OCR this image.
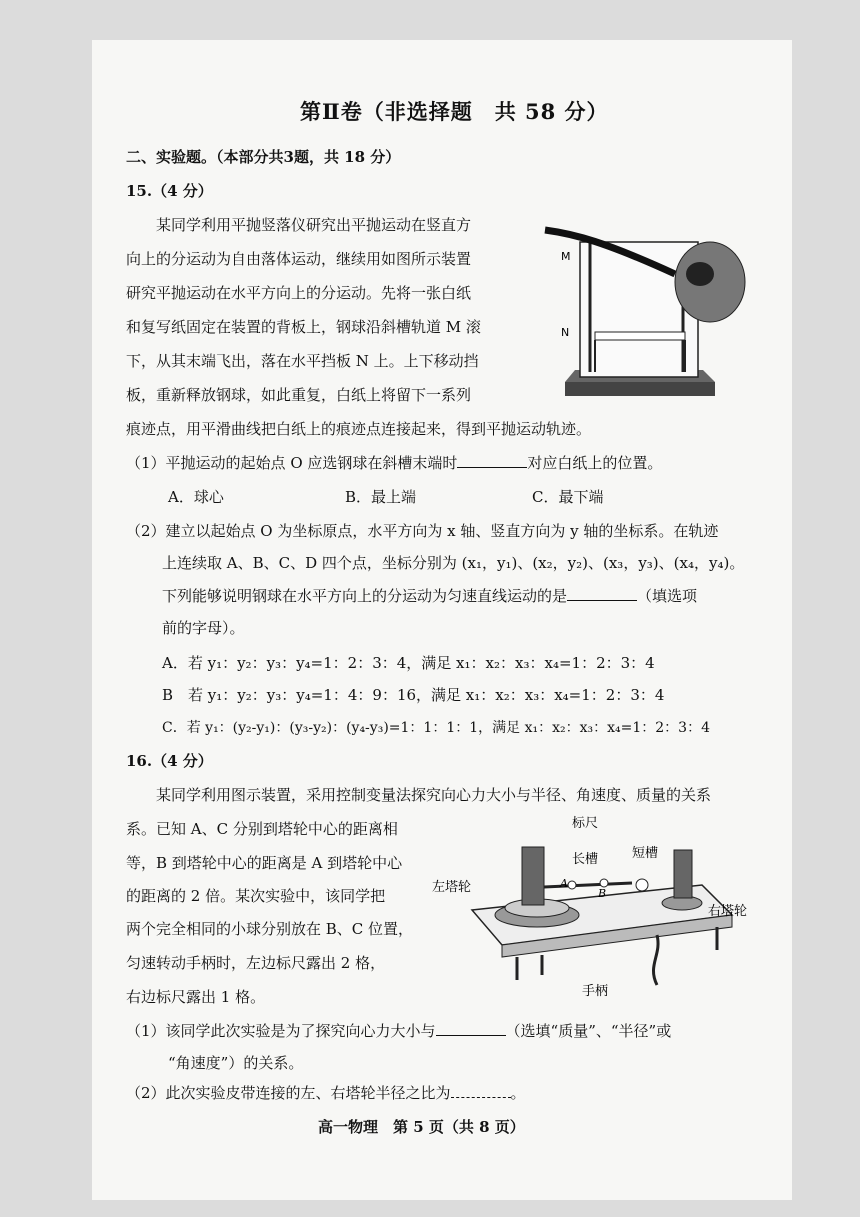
第Ⅱ卷（非选择题　共 58 分）
二、实验题。（本部分共3题，共 18 分）
15.（4 分）
某同学利用平抛竖落仪研究出平抛运动在竖直方
向上的分运动为自由落体运动，继续用如图所示装置
研究平抛运动在水平方向上的分运动。先将一张白纸
和复写纸固定在装置的背板上，钢球沿斜槽轨道 M 滚
下，从其末端飞出，落在水平挡板 N 上。上下移动挡
板，重新释放钢球，如此重复，白纸上将留下一系列
痕迹点，用平滑曲线把白纸上的痕迹点连接起来，得到平抛运动轨迹。
M
N
（1）平抛运动的起始点 O 应选钢球在斜槽末端时	对应白纸上的位置。
A．球心	B．最上端	C．最下端
（2）建立以起始点 O 为坐标原点，水平方向为 x 轴、竖直方向为 y 轴的坐标系。在轨迹
上连续取 A、B、C、D 四个点，坐标分别为 (x₁，y₁)、(x₂，y₂)、(x₃，y₃)、(x₄，y₄)。
下列能够说明钢球在水平方向上的分运动为匀速直线运动的是	（填选项
前的字母）。
A．若 y₁：y₂：y₃：y₄=1：2：3：4，满足 x₁：x₂：x₃：x₄=1：2：3：4
B　若 y₁：y₂：y₃：y₄=1：4：9：16，满足 x₁：x₂：x₃：x₄=1：2：3：4
C．若 y₁：(y₂-y₁)：(y₃-y₂)：(y₄-y₃)=1：1：1：1，满足 x₁：x₂：x₃：x₄=1：2：3：4
16.（4 分）
某同学利用图示装置，采用控制变量法探究向心力大小与半径、角速度、质量的关系
系。已知 A、C 分别到塔轮中心的距离相
等，B 到塔轮中心的距离是 A 到塔轮中心
的距离的 2 倍。某次实验中，该同学把
两个完全相同的小球分别放在 B、C 位置，
匀速转动手柄时，左边标尺露出 2 格，
右边标尺露出 1 格。
标尺
长槽	短槽
左塔轮
右塔轮
手柄
A
B
（1）该同学此次实验是为了探究向心力大小与	（选填“质量”、“半径”或
“角速度”）的关系。
（2）此次实验皮带连接的左、右塔轮半径之比为	。
高一物理　第 5 页（共 8 页）
